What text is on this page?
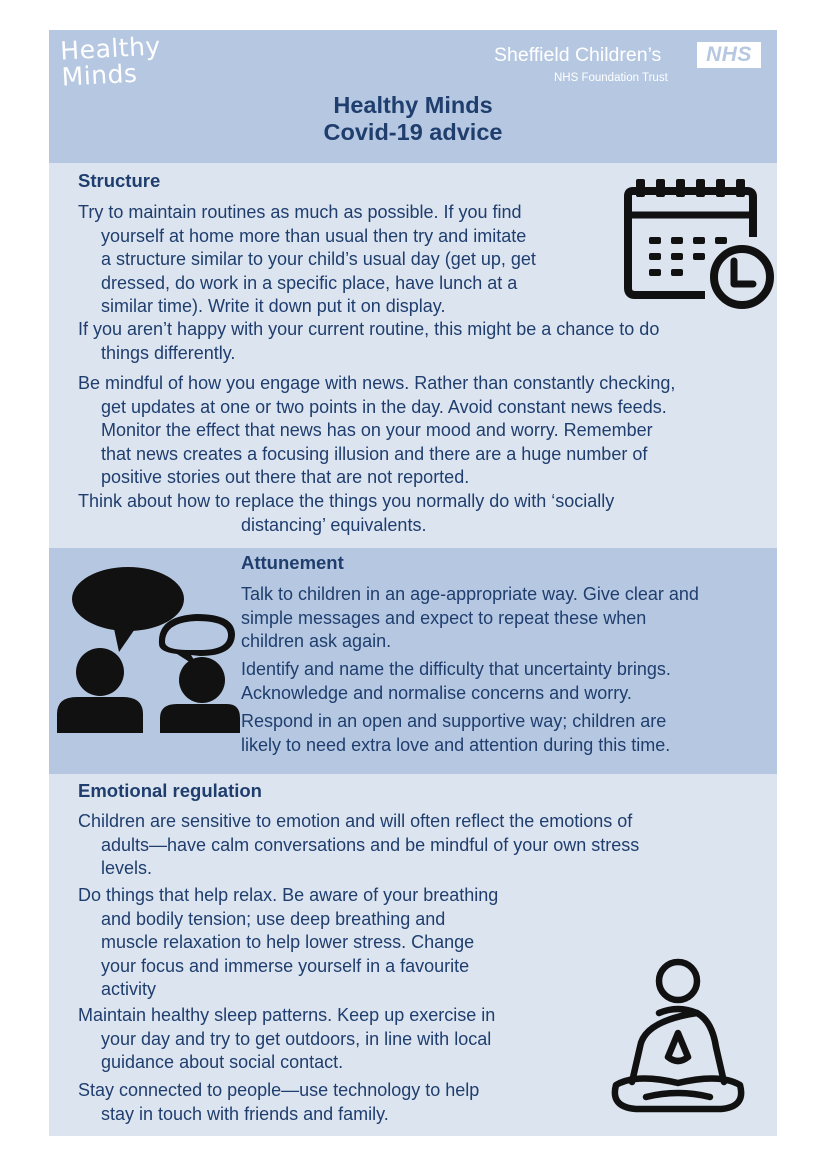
Healthy
Minds
Sheffield Children’s	NHS
NHS Foundation Trust
Healthy Minds
Covid-19 advice
Structure
Try to maintain routines as much as possible. If you find
yourself at home more than usual then try and imitate
a structure similar to your child’s usual day (get up, get
dressed, do work in a specific place, have lunch at a
similar time). Write it down put it on display.
If you aren’t happy with your current routine, this might be a chance to do
things differently.
Be mindful of how you engage with news. Rather than constantly checking,
get updates at one or two points in the day. Avoid constant news feeds.
Monitor the effect that news has on your mood and worry. Remember
that news creates a focusing illusion and there are a huge number of
positive stories out there that are not reported.
Think about how to replace the things you normally do with ‘socially
distancing’ equivalents.
Attunement
Talk to children in an age-appropriate way. Give clear and
simple messages and expect to repeat these when
children ask again.
Identify and name the difficulty that uncertainty brings.
Acknowledge and normalise concerns and worry.
Respond in an open and supportive way; children are
likely to need extra love and attention during this time.
Emotional regulation
Children are sensitive to emotion and will often reflect the emotions of
adults—have calm conversations and be mindful of your own stress
levels.
Do things that help relax. Be aware of your breathing
and bodily tension; use deep breathing and
muscle relaxation to help lower stress. Change
your focus and immerse yourself in a favourite
activity
Maintain healthy sleep patterns. Keep up exercise in
your day and try to get outdoors, in line with local
guidance about social contact.
Stay connected to people—use technology to help
stay in touch with friends and family.
